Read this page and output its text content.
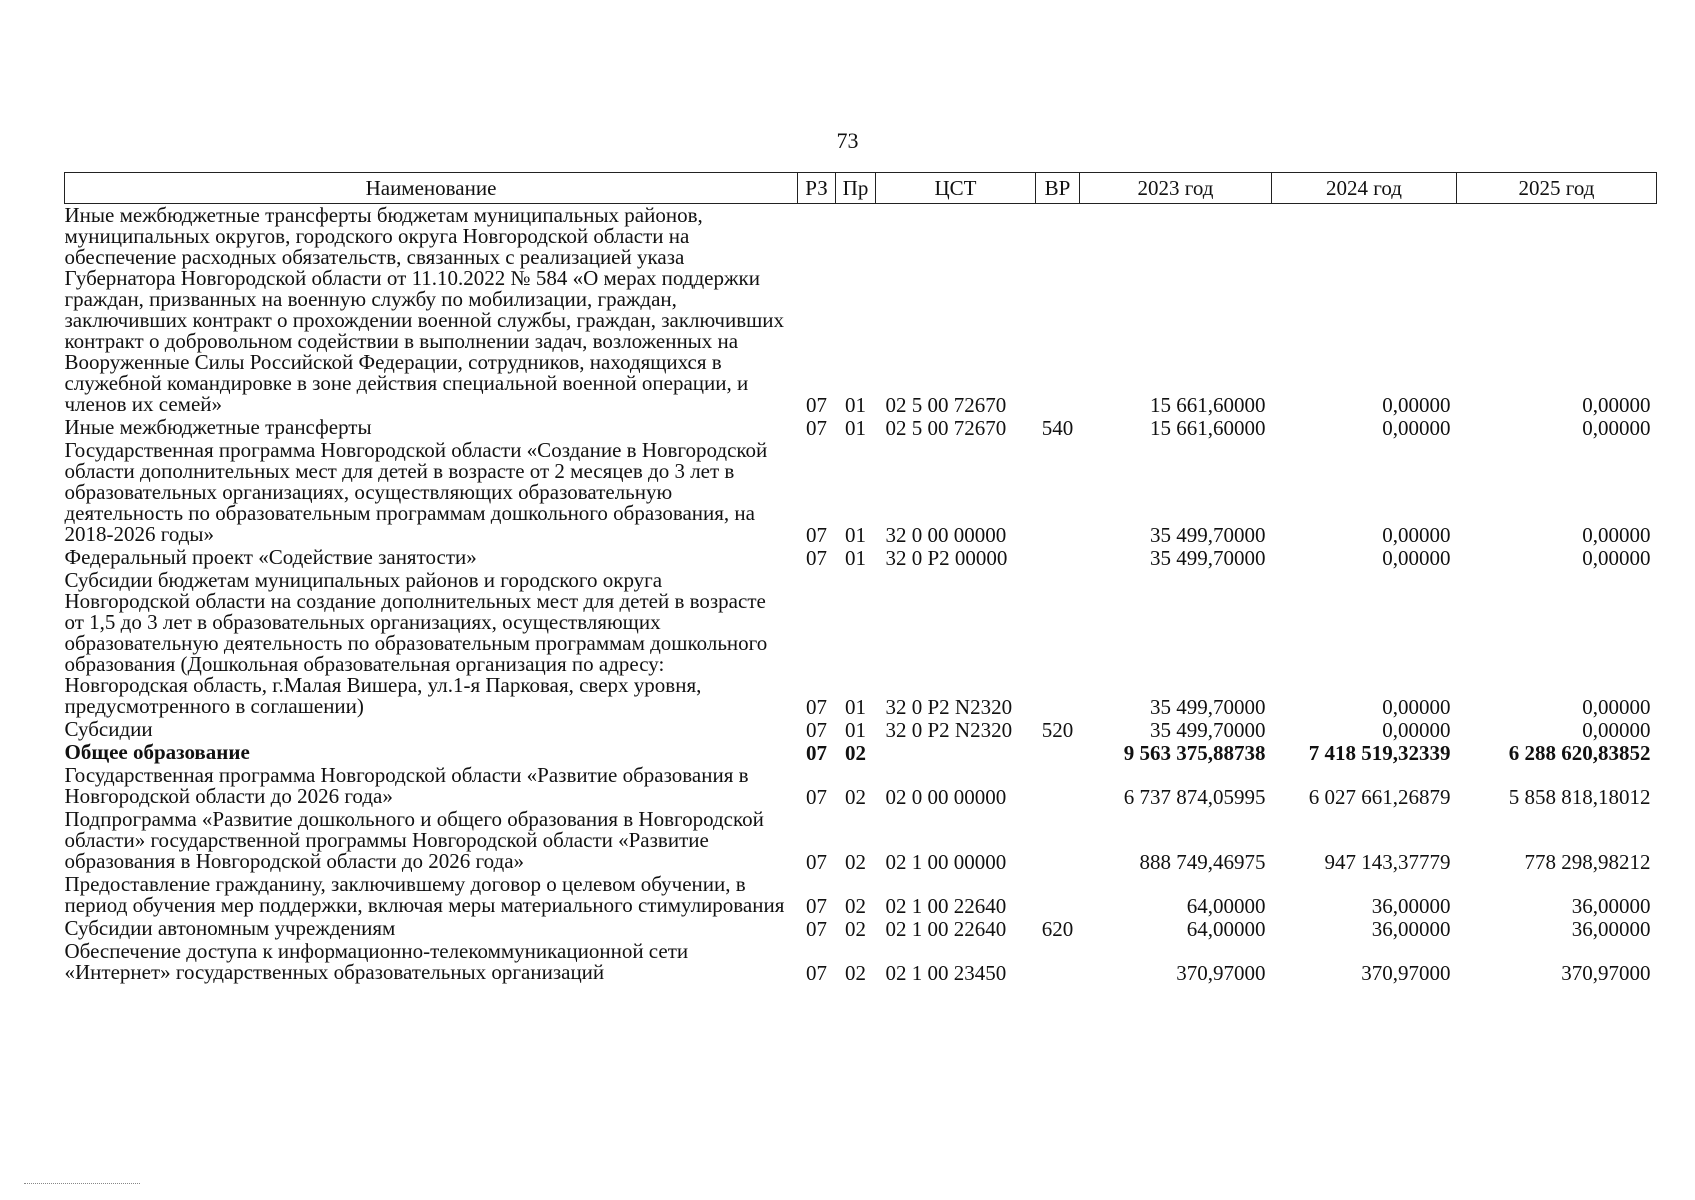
73
Наименование	РЗ	Пр	ЦСТ	ВР	2023 год	2024 год	2025 год
Иные межбюджетные трансферты бюджетам муниципальных районов, муниципальных округов, городского округа Новгородской области на обеспечение расходных обязательств, связанных с реализацией указа Губернатора Новгородской области от 11.10.2022 № 584 «О мерах поддержки граждан, призванных на военную службу по мобилизации, граждан, заключивших контракт о прохождении военной службы, граждан, заключивших контракт о добровольном содействии в выполнении задач, возложенных на Вооруженные Силы Российской Федерации, сотрудников, находящихся в служебной командировке в зоне действия специальной военной операции, и членов их семей»	07	01	02 5 00 72670		15 661,60000	0,00000	0,00000
Иные межбюджетные трансферты	07	01	02 5 00 72670	540	15 661,60000	0,00000	0,00000
Государственная программа Новгородской области «Создание в Новгородской области дополнительных мест для детей в возрасте от 2 месяцев до 3 лет в образовательных организациях, осуществляющих образовательную деятельность по образовательным программам дошкольного образования, на 2018-2026 годы»	07	01	32 0 00 00000		35 499,70000	0,00000	0,00000
Федеральный проект «Содействие занятости»	07	01	32 0 P2 00000		35 499,70000	0,00000	0,00000
Субсидии бюджетам муниципальных районов и городского округа Новгородской области на создание дополнительных мест для детей в возрасте от 1,5 до 3 лет в образовательных организациях, осуществляющих образовательную деятельность по образовательным программам дошкольного образования (Дошкольная образовательная организация по адресу: Новгородская область, г.Малая Вишера, ул.1-я Парковая, сверх уровня, предусмотренного в соглашении)	07	01	32 0 P2 N2320		35 499,70000	0,00000	0,00000
Субсидии	07	01	32 0 P2 N2320	520	35 499,70000	0,00000	0,00000
Общее образование	07	02			9 563 375,88738	7 418 519,32339	6 288 620,83852
Государственная программа Новгородской области «Развитие образования в Новгородской области до 2026 года»	07	02	02 0 00 00000		6 737 874,05995	6 027 661,26879	5 858 818,18012
Подпрограмма «Развитие дошкольного и общего образования в Новгородской области» государственной программы Новгородской области «Развитие образования в Новгородской области до 2026 года»	07	02	02 1 00 00000		888 749,46975	947 143,37779	778 298,98212
Предоставление гражданину, заключившему договор о целевом обучении, в период обучения мер поддержки, включая меры материального стимулирования	07	02	02 1 00 22640		64,00000	36,00000	36,00000
Субсидии автономным учреждениям	07	02	02 1 00 22640	620	64,00000	36,00000	36,00000
Обеспечение доступа к информационно-телекоммуникационной сети «Интернет» государственных образовательных организаций	07	02	02 1 00 23450		370,97000	370,97000	370,97000
